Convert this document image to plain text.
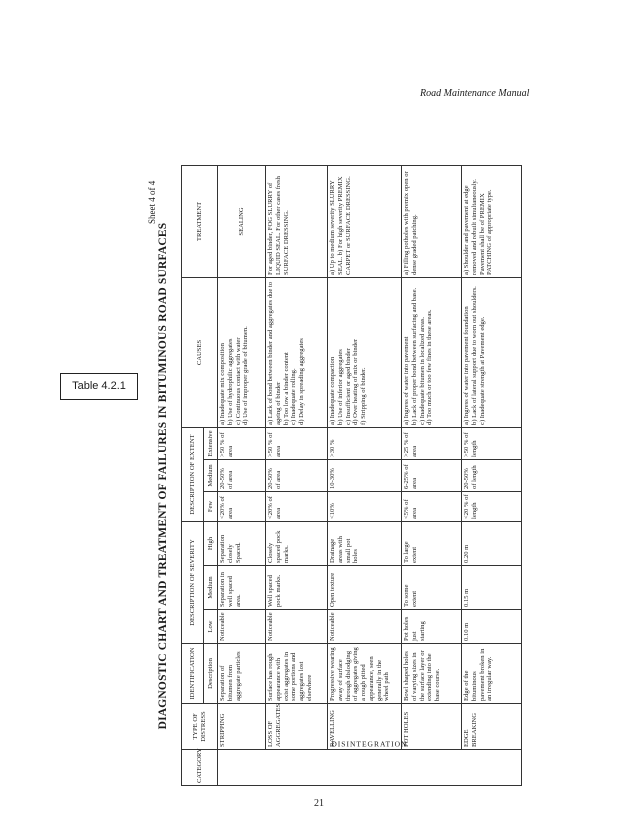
Road Maintenance Manual
Table 4.2.1
Sheet 4 of 4
DIAGNOSTIC CHART AND TREATMENT OF FAILURES IN BITUMINOUS ROAD SURFACES
CATEGORY	TYPE OF DISTRESS	IDENTIFICATION	DESCRIPTION OF SEVERITY			DESCRIPTION OF EXTENT			CAUSES	TREATMENT
		Description	Low	Medium	High	Few	Medium	Extensive		
DISINTEGRATION	STRIPPING	Separation of bitumen from aggregate particles	Noticeable	Separation in well spaced area.	Separation closely Spaced.	<20% of area	20-50% of area	>50 % of area	a) Inadequate mix composition b) Use of hydrophilic aggregates c) Continuous contact with water d) Use of improper grade of bitumen.	SEALING
	LOSS OF AGGREGATES	Surface has rough appearance with exist aggregates in some portions and aggregates lost elsewhere	Noticeable	Well spaced pock marks.	Closely spaced pock marks.	<20% of area	20-50% of area	>50 % of area	a) Lack of bond between binder and aggregates due to ageing of binder b) Too low a binder content c) Inadequate rolling. d) Delay in spreading aggregates	For aged binder, FOG SLURRY of LIQUID SEAL. For other cases fresh SURFACE DRESSING.
	RAVELLING	Progressive wearing away of surface through dislodging of aggregates giving a rough pitted appearance, seen generally in the wheel path	Noticeable	Open texture	Drainage areas with small pot holes	<10%	10-30%	>30 %	a) Inadequate compaction b) Use of inferior aggregates c) Insufficient or aged binder d) Over heating of mix or binder f) Stripping of binder.	a) Up to medium severity SLURRY SEAL. b) For high severity PREMIX CARPET or SURFACE DRESSING.
	POT HOLES	Bowl shaped holes of varying sizes in the surface layer or extending into the base course.	Pot holes just starting	To some extent	To large extent	<5% of area	6-25% of area	>25 % of area	a) Ingress of water into pavement b) Lack of proper bond between surfacing and base. c) Inadequate bitumen in localized areas. d) Too much or too few fines in these areas.	a) Filling potholes with premix open or dense graded patching.
	EDGE BREAKING	Edge of the bituminous pavement broken in an irregular way.	0.10 m	0.15 m	0.20 m	<20 % of length	20-50% of length	>50 % of length	a) Ingress of water into pavement foundation b) Lack of lateral support due to worn out shoulders. c) Inadequate strength at Pavement edge.	a) Shoulder and pavement at edge removed and rebuilt simultaneously. Pavement shall be of PREMIX PATCHING of appropriate type.
21
